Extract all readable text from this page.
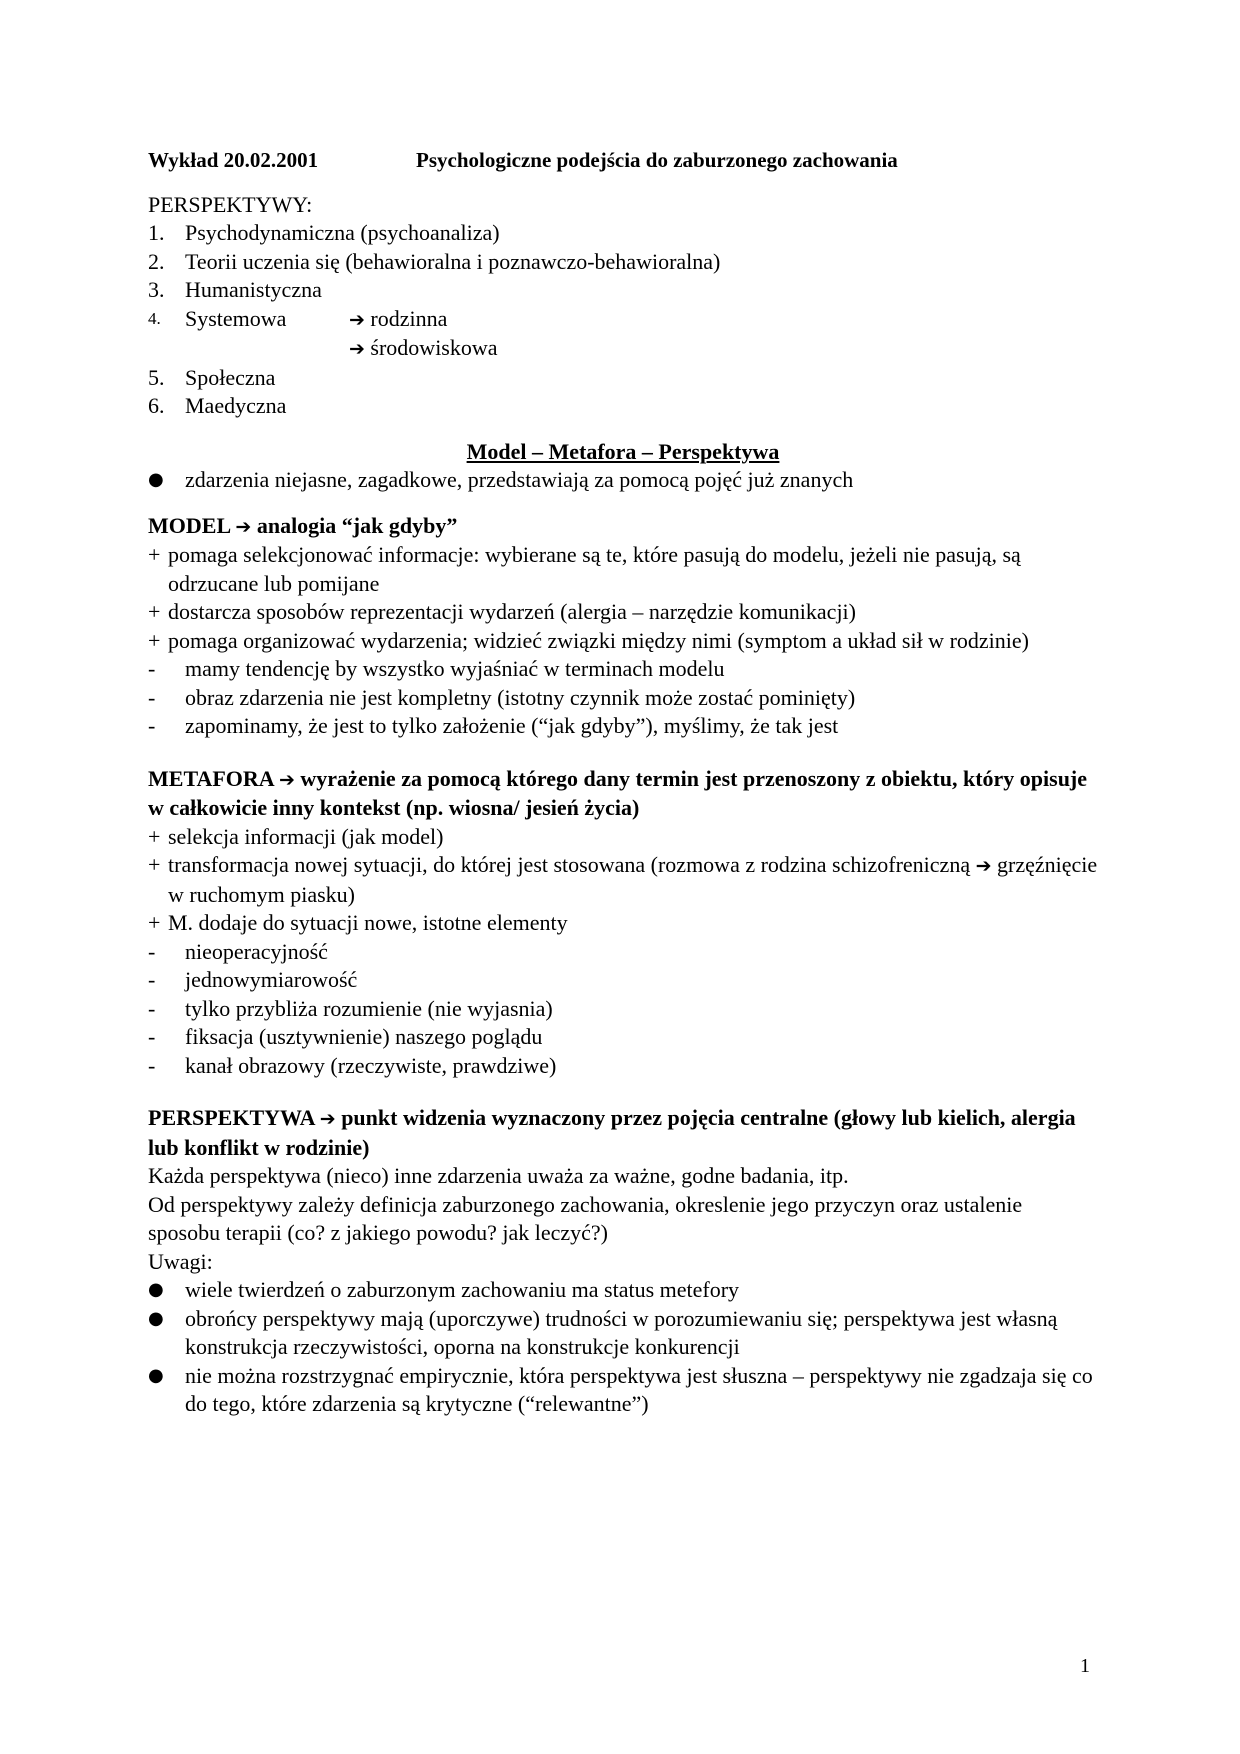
Wykład 20.02.2001	Psychologiczne podejścia do zaburzonego zachowania
PERSPEKTYWY:
1. Psychodynamiczna (psychoanaliza)
2. Teorii uczenia się (behawioralna i poznawczo-behawioralna)
3. Humanistyczna
4.	Systemowa	➔ rodzinna
➔ środowiskowa
5. Społeczna
6. Maedyczna
Model – Metafora – Perspektywa
● zdarzenia niejasne, zagadkowe, przedstawiają za pomocą pojęć już znanych
MODEL ➔ analogia “jak gdyby”
+ pomaga selekcjonować informacje: wybierane są te, które pasują do modelu, jeżeli nie pasują, są odrzucane lub pomijane
+ dostarcza sposobów reprezentacji wydarzeń (alergia – narzędzie komunikacji)
+ pomaga organizować wydarzenia; widzieć związki między nimi (symptom a układ sił w rodzinie)
-	mamy tendencję by wszystko wyjaśniać w terminach modelu
-	obraz zdarzenia nie jest kompletny (istotny czynnik może zostać pominięty)
-	zapominamy, że jest to tylko założenie (“jak gdyby”), myślimy, że tak jest
METAFORA ➔ wyrażenie za pomocą którego dany termin jest przenoszony z obiektu, który opisuje w całkowicie inny kontekst (np. wiosna/ jesień życia)
+ selekcja informacji (jak model)
+ transformacja nowej sytuacji, do której jest stosowana (rozmowa z rodzina schizofreniczną ➔ grzęźnięcie w ruchomym piasku)
+ M. dodaje do sytuacji nowe, istotne elementy
-	nieoperacyjność
-	jednowymiarowość
-	tylko przybliża rozumienie (nie wyjasnia)
-	fiksacja (usztywnienie) naszego poglądu
-	kanał obrazowy (rzeczywiste, prawdziwe)
PERSPEKTYWA ➔ punkt widzenia wyznaczony przez pojęcia centralne (głowy lub kielich, alergia lub konflikt w rodzinie)
Każda perspektywa (nieco) inne zdarzenia uważa za ważne, godne badania, itp.
Od perspektywy zależy definicja zaburzonego zachowania, okreslenie jego przyczyn oraz ustalenie sposobu terapii (co? z jakiego powodu? jak leczyć?)
Uwagi:
● wiele twierdzeń o zaburzonym zachowaniu ma status metefory
● obrońcy perspektywy mają (uporczywe) trudności w porozumiewaniu się; perspektywa jest własną konstrukcja rzeczywistości, oporna na konstrukcje konkurencji
● nie można rozstrzygnać empirycznie, która perspektywa jest słuszna – perspektywy nie zgadzaja się co do tego, które zdarzenia są krytyczne (“relewantne”)
1
